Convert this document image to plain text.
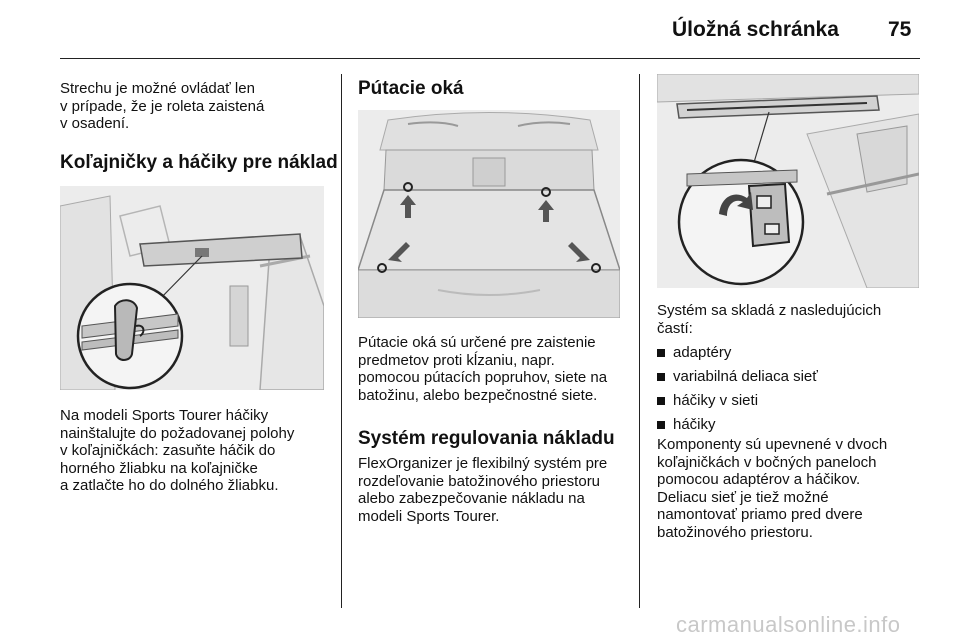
Úložná schránka 75

Strechu je možné ovládať len
v prípade, že je roleta zaistená
v osadení.

Koľajničky a háčiky pre náklad

Na modeli Sports Tourer háčiky
nainštalujte do požadovanej polohy
v koľajničkách: zasuňte háčik do
horného žliabku na koľajničke
a zatlačte ho do dolného žliabku.

Pútacie oká

Pútacie oká sú určené pre zaistenie
predmetov proti kĺzaniu, napr.
pomocou pútacích popruhov, siete na
batožinu, alebo bezpečnostné siete.

Systém regulovania nákladu

FlexOrganizer je flexibilný systém pre
rozdeľovanie batožinového priestoru
alebo zabezpečovanie nákladu na
modeli Sports Tourer.

Systém sa skladá z nasledujúcich
častí:

adaptéry
variabilná deliaca sieť
háčiky v sieti
háčiky

Komponenty sú upevnené v dvoch
koľajničkách v bočných paneloch
pomocou adaptérov a háčikov.
Deliacu sieť je tiež možné
namontovať priamo pred dvere
batožinového priestoru.

carmanualsonline.info
